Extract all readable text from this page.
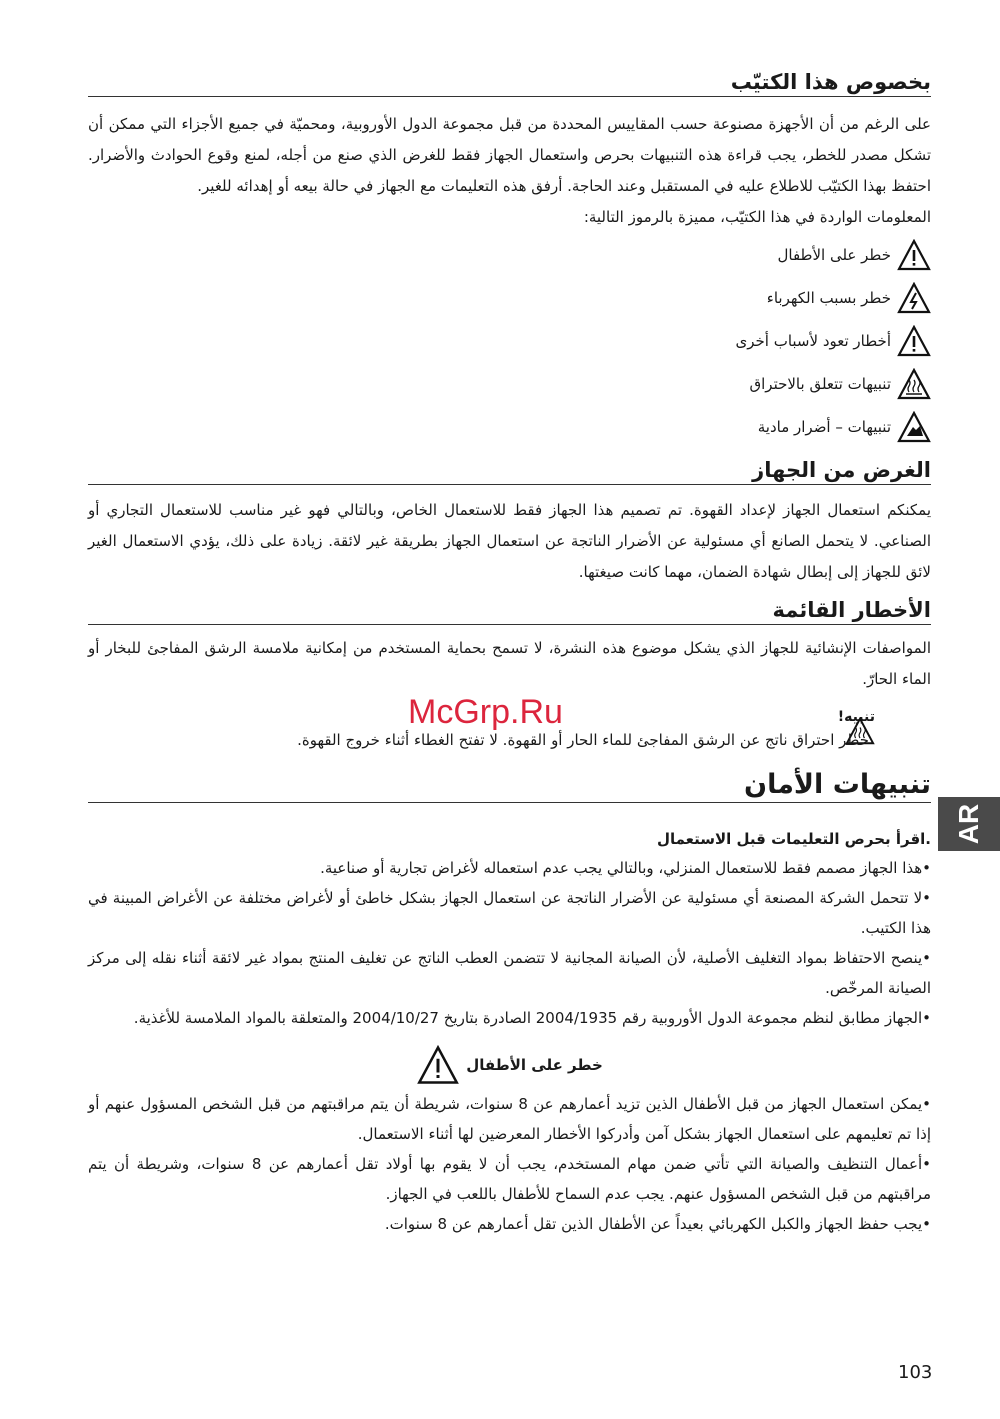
بخصوص هذا الكتيّب

على الرغم من أن الأجهزة مصنوعة حسب المقاييس المحددة من قبل مجموعة الدول الأوروبية، ومحميّة في جميع الأجزاء التي ممكن أن تشكل مصدر للخطر، يجب قراءة هذه التنبيهات بحرص واستعمال الجهاز فقط للغرض الذي صنع من أجله، لمنع وقوع الحوادث والأضرار. احتفظ بهذا الكتيّب للاطلاع عليه في المستقبل وعند الحاجة. أرفق هذه التعليمات مع الجهاز في حالة بيعه أو إهدائه للغير.

المعلومات الواردة في هذا الكتيّب، مميزة بالرموز التالية:

خطر على الأطفال
خطر بسبب الكهرباء
أخطار تعود لأسباب أخرى
تنبيهات تتعلق بالاحتراق
تنبيهات – أضرار مادية
الغرض من الجهاز

يمكنكم استعمال الجهاز لإعداد القهوة. تم تصميم هذا الجهاز فقط للاستعمال الخاص، وبالتالي فهو غير مناسب للاستعمال التجاري أو الصناعي. لا يتحمل الصانع أي مسئولية عن الأضرار الناتجة عن استعمال الجهاز بطريقة غير لائقة. زيادة على ذلك، يؤدي الاستعمال الغير لائق للجهاز إلى إبطال شهادة الضمان، مهما كانت صيغتها.

الأخطار القائمة

المواصفات الإنشائية للجهاز الذي يشكل موضوع هذه النشرة، لا تسمح بحماية المستخدم من إمكانية ملامسة الرشق المفاجئ للبخار أو الماء الحارّ.

تنبيه!
خطر احتراق ناتج عن الرشق المفاجئ للماء الحار أو القهوة. لا تفتح الغطاء أثناء خروج القهوة.
تنبيهات الأمان
.اقرأ بحرص التعليمات قبل الاستعمال
•هذا الجهاز مصمم فقط للاستعمال المنزلي، وبالتالي يجب عدم استعماله لأغراض تجارية أو صناعية.
•لا تتحمل الشركة المصنعة أي مسئولية عن الأضرار الناتجة عن استعمال الجهاز بشكل خاطئ أو لأغراض مختلفة عن الأغراض المبينة في هذا الكتيب.
•ينصح الاحتفاظ بمواد التغليف الأصلية، لأن الصيانة المجانية لا تتضمن العطب الناتج عن تغليف المنتج بمواد غير لائقة أثناء نقله إلى مركز الصيانة المرخّص.
•الجهاز مطابق لنظم مجموعة الدول الأوروبية رقم 2004/1935 الصادرة بتاريخ 2004/10/27 والمتعلقة بالمواد الملامسة للأغذية.
خطر على الأطفال
•يمكن استعمال الجهاز من قبل الأطفال الذين تزيد أعمارهم عن 8 سنوات، شريطة أن يتم مراقبتهم من قبل الشخص المسؤول عنهم أو إذا تم تعليمهم على استعمال الجهاز بشكل آمن وأدركوا الأخطار المعرضين لها أثناء الاستعمال.
•أعمال التنظيف والصيانة التي تأتي ضمن مهام المستخدم، يجب أن لا يقوم بها أولاد تقل أعمارهم عن 8 سنوات، وشريطة أن يتم مراقبتهم من قبل الشخص المسؤول عنهم. يجب عدم السماح للأطفال باللعب في الجهاز.
•يجب حفظ الجهاز والكبل الكهربائي بعيداً عن الأطفال الذين تقل أعمارهم عن 8 سنوات.
McGrp.Ru
AR
103
